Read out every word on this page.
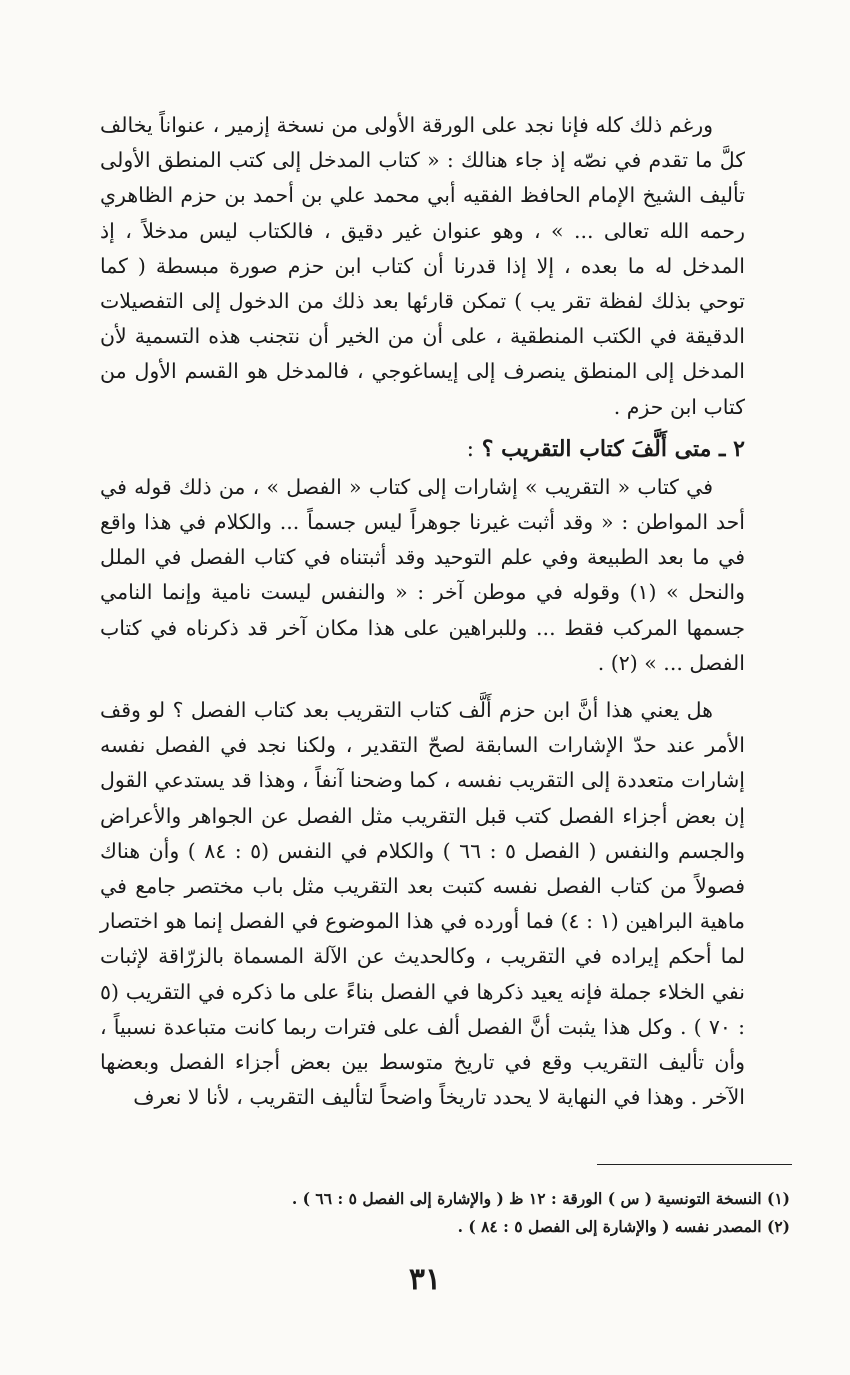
ورغم ذلك كله فإنا نجد على الورقة الأولى من نسخة إزمير ، عنواناً يخالف كلَّ ما تقدم في نصّه إذ جاء هنالك : « كتاب المدخل إلى كتب المنطق الأولى تأليف الشيخ الإمام الحافظ الفقيه أبي محمد علي بن أحمد بن حزم الظاهري رحمه الله تعالى ... » ، وهو عنوان غير دقيق ، فالكتاب ليس مدخلاً ، إذ المدخل له ما بعده ، إلا إذا قدرنا أن كتاب ابن حزم صورة مبسطة ( كما توحي بذلك لفظة تقر يب ) تمكن قارئها بعد ذلك من الدخول إلى التفصيلات الدقيقة في الكتب المنطقية ، على أن من الخير أن نتجنب هذه التسمية لأن المدخل إلى المنطق ينصرف إلى إيساغوجي ، فالمدخل هو القسم الأول من كتاب ابن حزم .

٢ ـ متى أَلَّفَ كتاب التقريب ؟ :

في كتاب « التقريب » إشارات إلى كتاب « الفصل » ، من ذلك قوله في أحد المواطن : « وقد أثبت غيرنا جوهراً ليس جسماً ... والكلام في هذا واقع في ما بعد الطبيعة وفي علم التوحيد وقد أثبتناه في كتاب الفصل في الملل والنحل » (١) وقوله في موطن آخر : « والنفس ليست نامية وإنما النامي جسمها المركب فقط ... وللبراهين على هذا مكان آخر قد ذكرناه في كتاب الفصل ... » (٢) .

هل يعني هذا أنَّ ابن حزم أَلَّف كتاب التقريب بعد كتاب الفصل ؟ لو وقف الأمر عند حدّ الإشارات السابقة لصحّ التقدير ، ولكنا نجد في الفصل نفسه إشارات متعددة إلى التقريب نفسه ، كما وضحنا آنفاً ، وهذا قد يستدعي القول إن بعض أجزاء الفصل كتب قبل التقريب مثل الفصل عن الجواهر والأعراض والجسم والنفس ( الفصل ٥ : ٦٦ ) والكلام في النفس (٥ : ٨٤ ) وأن هناك فصولاً من كتاب الفصل نفسه كتبت بعد التقريب مثل باب مختصر جامع في ماهية البراهين (١ : ٤) فما أورده في هذا الموضوع في الفصل إنما هو اختصار لما أحكم إيراده في التقريب ، وكالحديث عن الآلة المسماة بالزرّاقة لإثبات نفي الخلاء جملة فإنه يعيد ذكرها في الفصل بناءً على ما ذكره في التقريب (٥ : ٧٠ ) . وكل هذا يثبت أنَّ الفصل ألف على فترات ربما كانت متباعدة نسبياً ، وأن تأليف التقريب وقع في تاريخ متوسط بين بعض أجزاء الفصل وبعضها الآخر . وهذا في النهاية لا يحدد تاريخاً واضحاً لتأليف التقريب ، لأنا لا نعرف

(١) النسخة التونسية ( س ) الورقة : ١٢ ظ ( والإشارة إلى الفصل ٥ : ٦٦ ) .
(٢) المصدر نفسه ( والإشارة إلى الفصل ٥ : ٨٤ ) .
٣١
